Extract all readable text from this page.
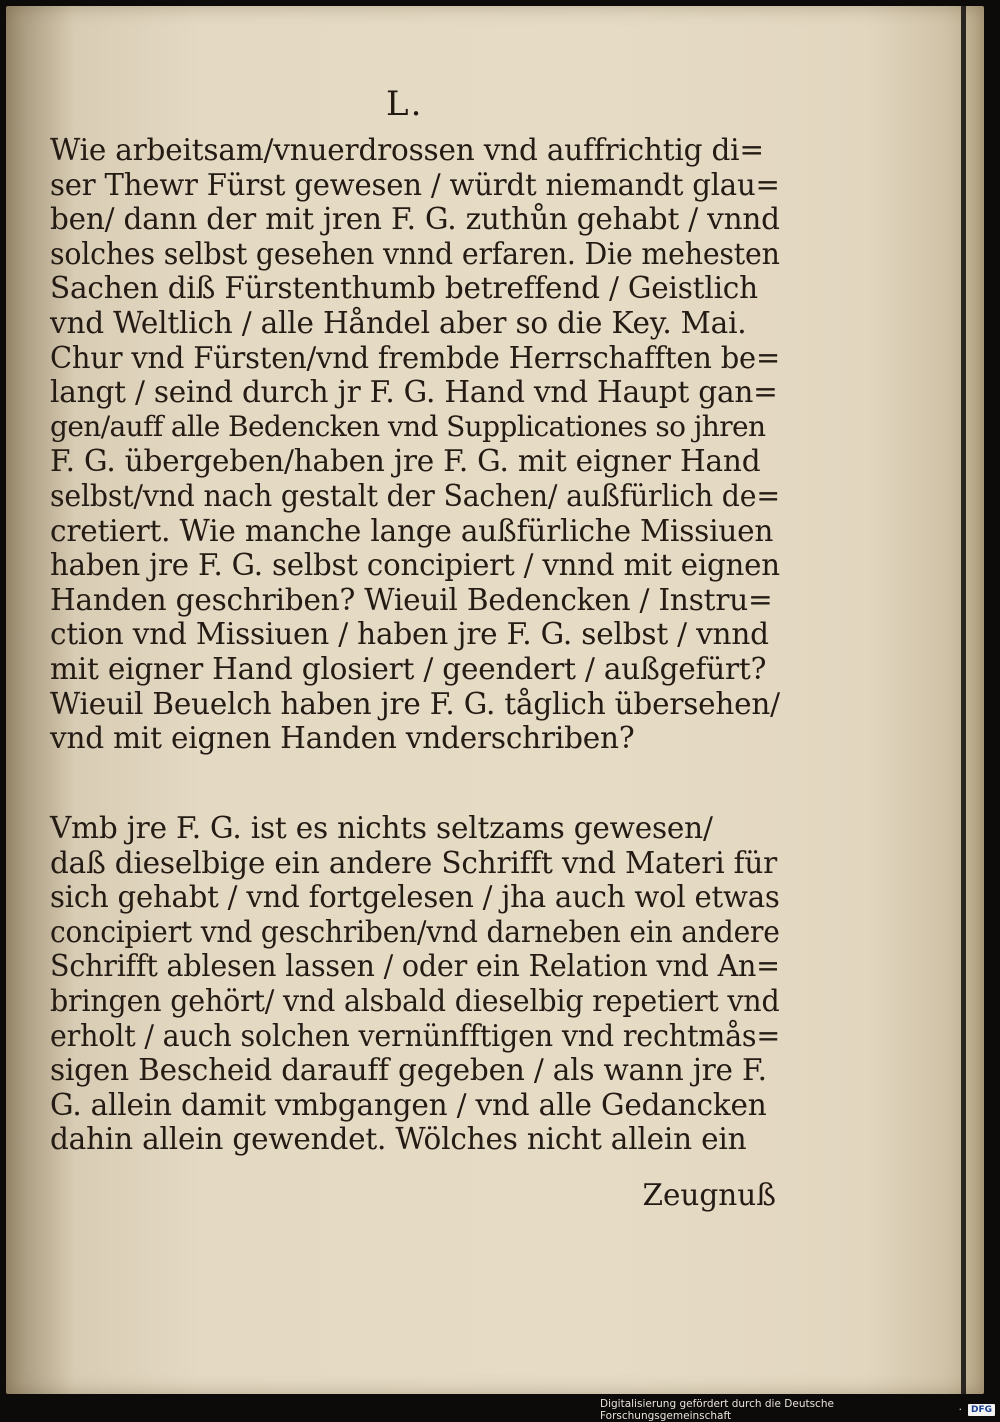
L.
Wie arbeitsam/vnuerdrossen vnd auffrichtig di=
ser Thewr Fürst gewesen / würdt niemandt glau=
ben/ dann der mit jren F. G. zuthůn gehabt / vnnd
solches selbst gesehen vnnd erfaren. Die mehesten
Sachen diß Fürstenthumb betreffend / Geistlich
vnd Weltlich / alle Håndel aber so die Key. Mai.
Chur vnd Fürsten/vnd frembde Herrschafften be=
langt / seind durch jr F. G. Hand vnd Haupt gan=
gen/auff alle Bedencken vnd Supplicationes so jhren
F. G. übergeben/haben jre F. G. mit eigner Hand
selbst/vnd nach gestalt der Sachen/ außfürlich de=
cretiert. Wie manche lange außfürliche Missiuen
haben jre F. G. selbst concipiert / vnnd mit eignen
Handen geschriben? Wieuil Bedencken / Instru=
ction vnd Missiuen / haben jre F. G. selbst / vnnd
mit eigner Hand glosiert / geendert / außgefürt?
Wieuil Beuelch haben jre F. G. tåglich übersehen/
vnd mit eignen Handen vnderschriben?
Vmb jre F. G. ist es nichts seltzams gewesen/
daß dieselbige ein andere Schrifft vnd Materi für
sich gehabt / vnd fortgelesen / jha auch wol etwas
concipiert vnd geschriben/vnd darneben ein andere
Schrifft ablesen lassen / oder ein Relation vnd An=
bringen gehört/ vnd alsbald dieselbig repetiert vnd
erholt / auch solchen vernünfftigen vnd rechtmås=
sigen Bescheid darauff gegeben / als wann jre F.
G. allein damit vmbgangen / vnd alle Gedancken
dahin allein gewendet. Wölches nicht allein ein
Zeugnuß
Digitalisierung gefördert durch die Deutsche Forschungsgemeinschaft	·	DFG
